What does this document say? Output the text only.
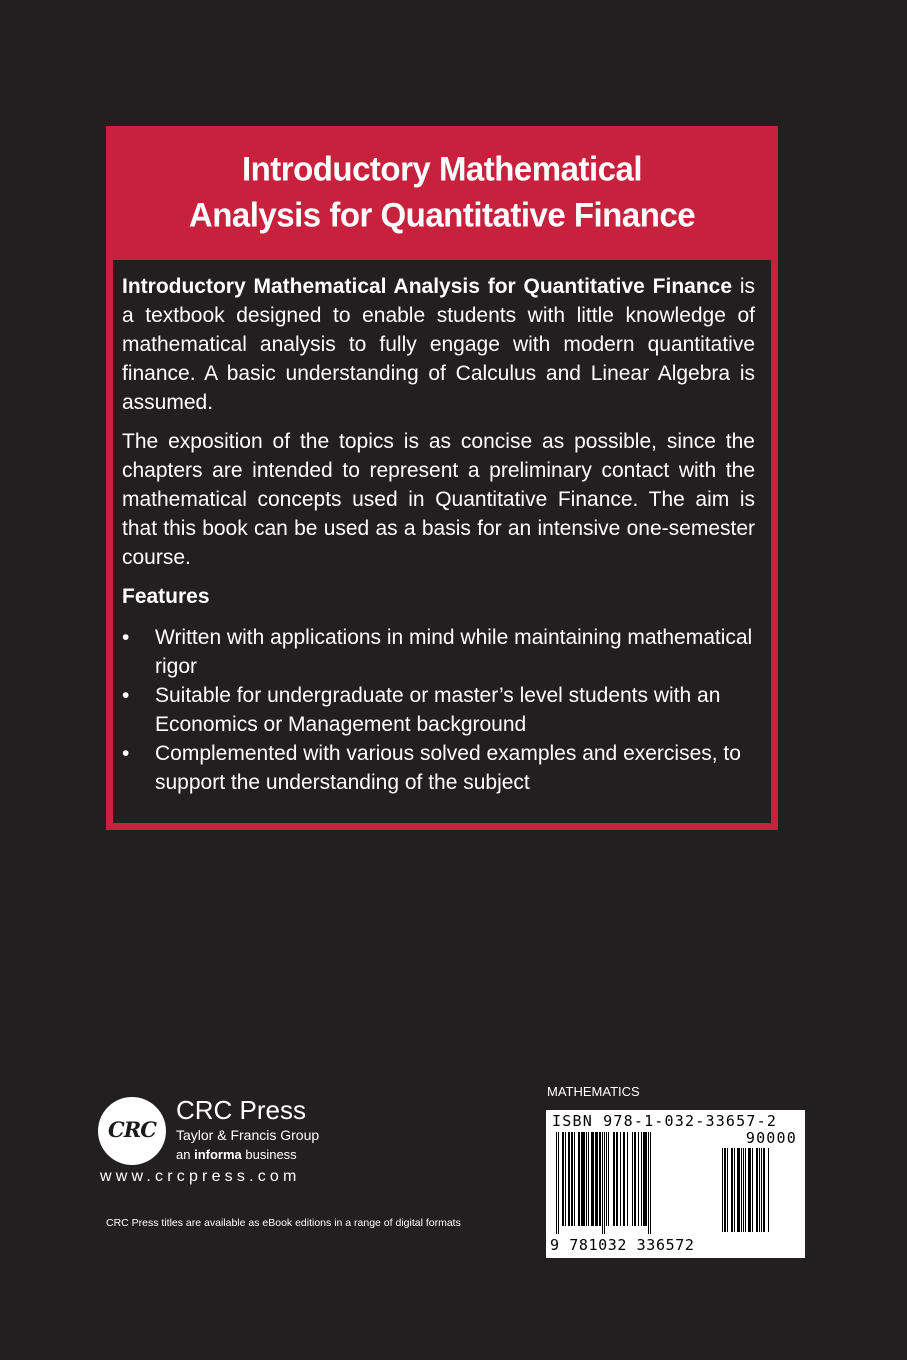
Introductory Mathematical
Analysis for Quantitative Finance

Introductory Mathematical Analysis for Quantitative Finance is a textbook designed to enable students with little knowledge of mathematical analysis to fully engage with modern quantitative finance. A basic understanding of Calculus and Linear Algebra is assumed.

The exposition of the topics is as concise as possible, since the chapters are intended to represent a preliminary contact with the mathematical concepts used in Quantitative Finance. The aim is that this book can be used as a basis for an intensive one-semester course.

Features
•	Written with applications in mind while maintaining mathematical rigor
•	Suitable for undergraduate or master’s level students with an Economics or Management background
•	Complemented with various solved examples and exercises, to support the understanding of the subject
CRC
CRC Press
Taylor & Francis Group
an informa business
www.crcpress.com
CRC Press titles are available as eBook editions in a range of digital formats
MATHEMATICS
ISBN 978-1-032-33657-2
90000
9 781032 336572
